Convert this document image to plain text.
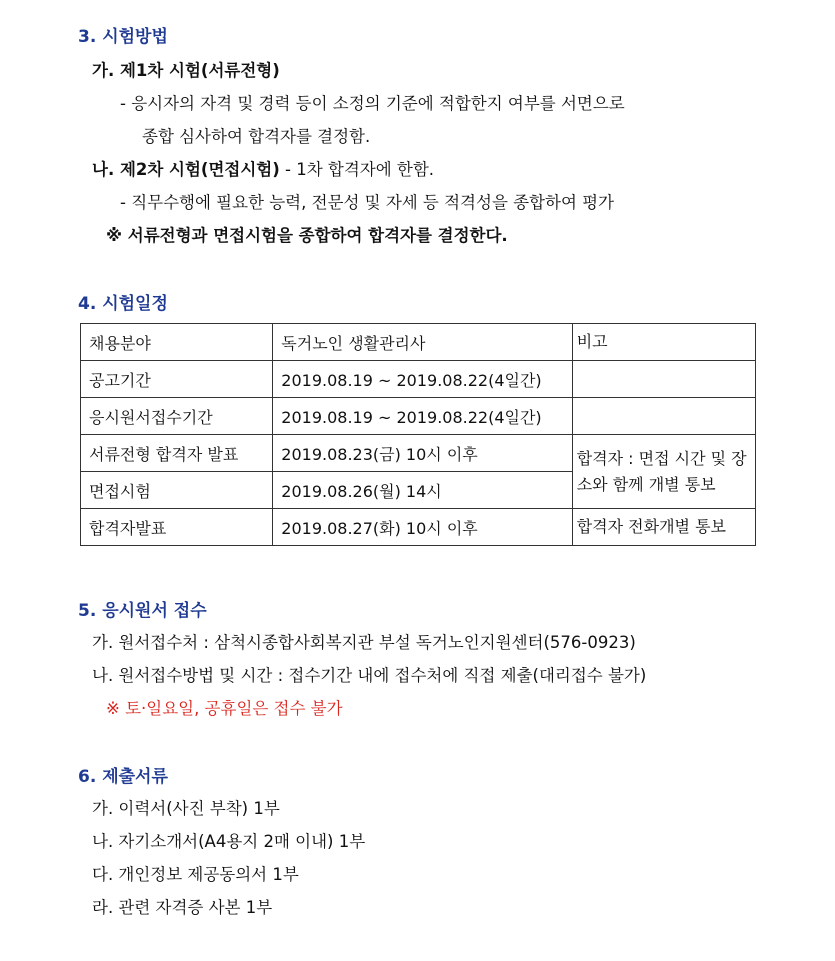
3. 시험방법
가. 제1차 시험(서류전형)
- 응시자의 자격 및 경력 등이 소정의 기준에 적합한지 여부를 서면으로
종합 심사하여 합격자를 결정함.
나. 제2차 시험(면접시험) - 1차 합격자에 한함.
- 직무수행에 필요한 능력, 전문성 및 자세 등 적격성을 종합하여 평가
※ 서류전형과 면접시험을 종합하여 합격자를 결정한다.
4. 시험일정
채용분야	독거노인 생활관리사	비고
공고기간	2019.08.19 ~ 2019.08.22(4일간)	
응시원서접수기간	2019.08.19 ~ 2019.08.22(4일간)	
서류전형 합격자 발표	2019.08.23(금) 10시 이후	합격자 : 면접 시간 및 장소와 함께 개별 통보
면접시험	2019.08.26(월) 14시	
합격자발표	2019.08.27(화) 10시 이후	합격자 전화개별 통보
5. 응시원서 접수
가. 원서접수처 : 삼척시종합사회복지관 부설 독거노인지원센터(576-0923)
나. 원서접수방법 및 시간 : 접수기간 내에 접수처에 직접 제출(대리접수 불가)
※ 토·일요일, 공휴일은 접수 불가
6. 제출서류
가. 이력서(사진 부착) 1부
나. 자기소개서(A4용지 2매 이내) 1부
다. 개인정보 제공동의서 1부
라. 관련 자격증 사본 1부
